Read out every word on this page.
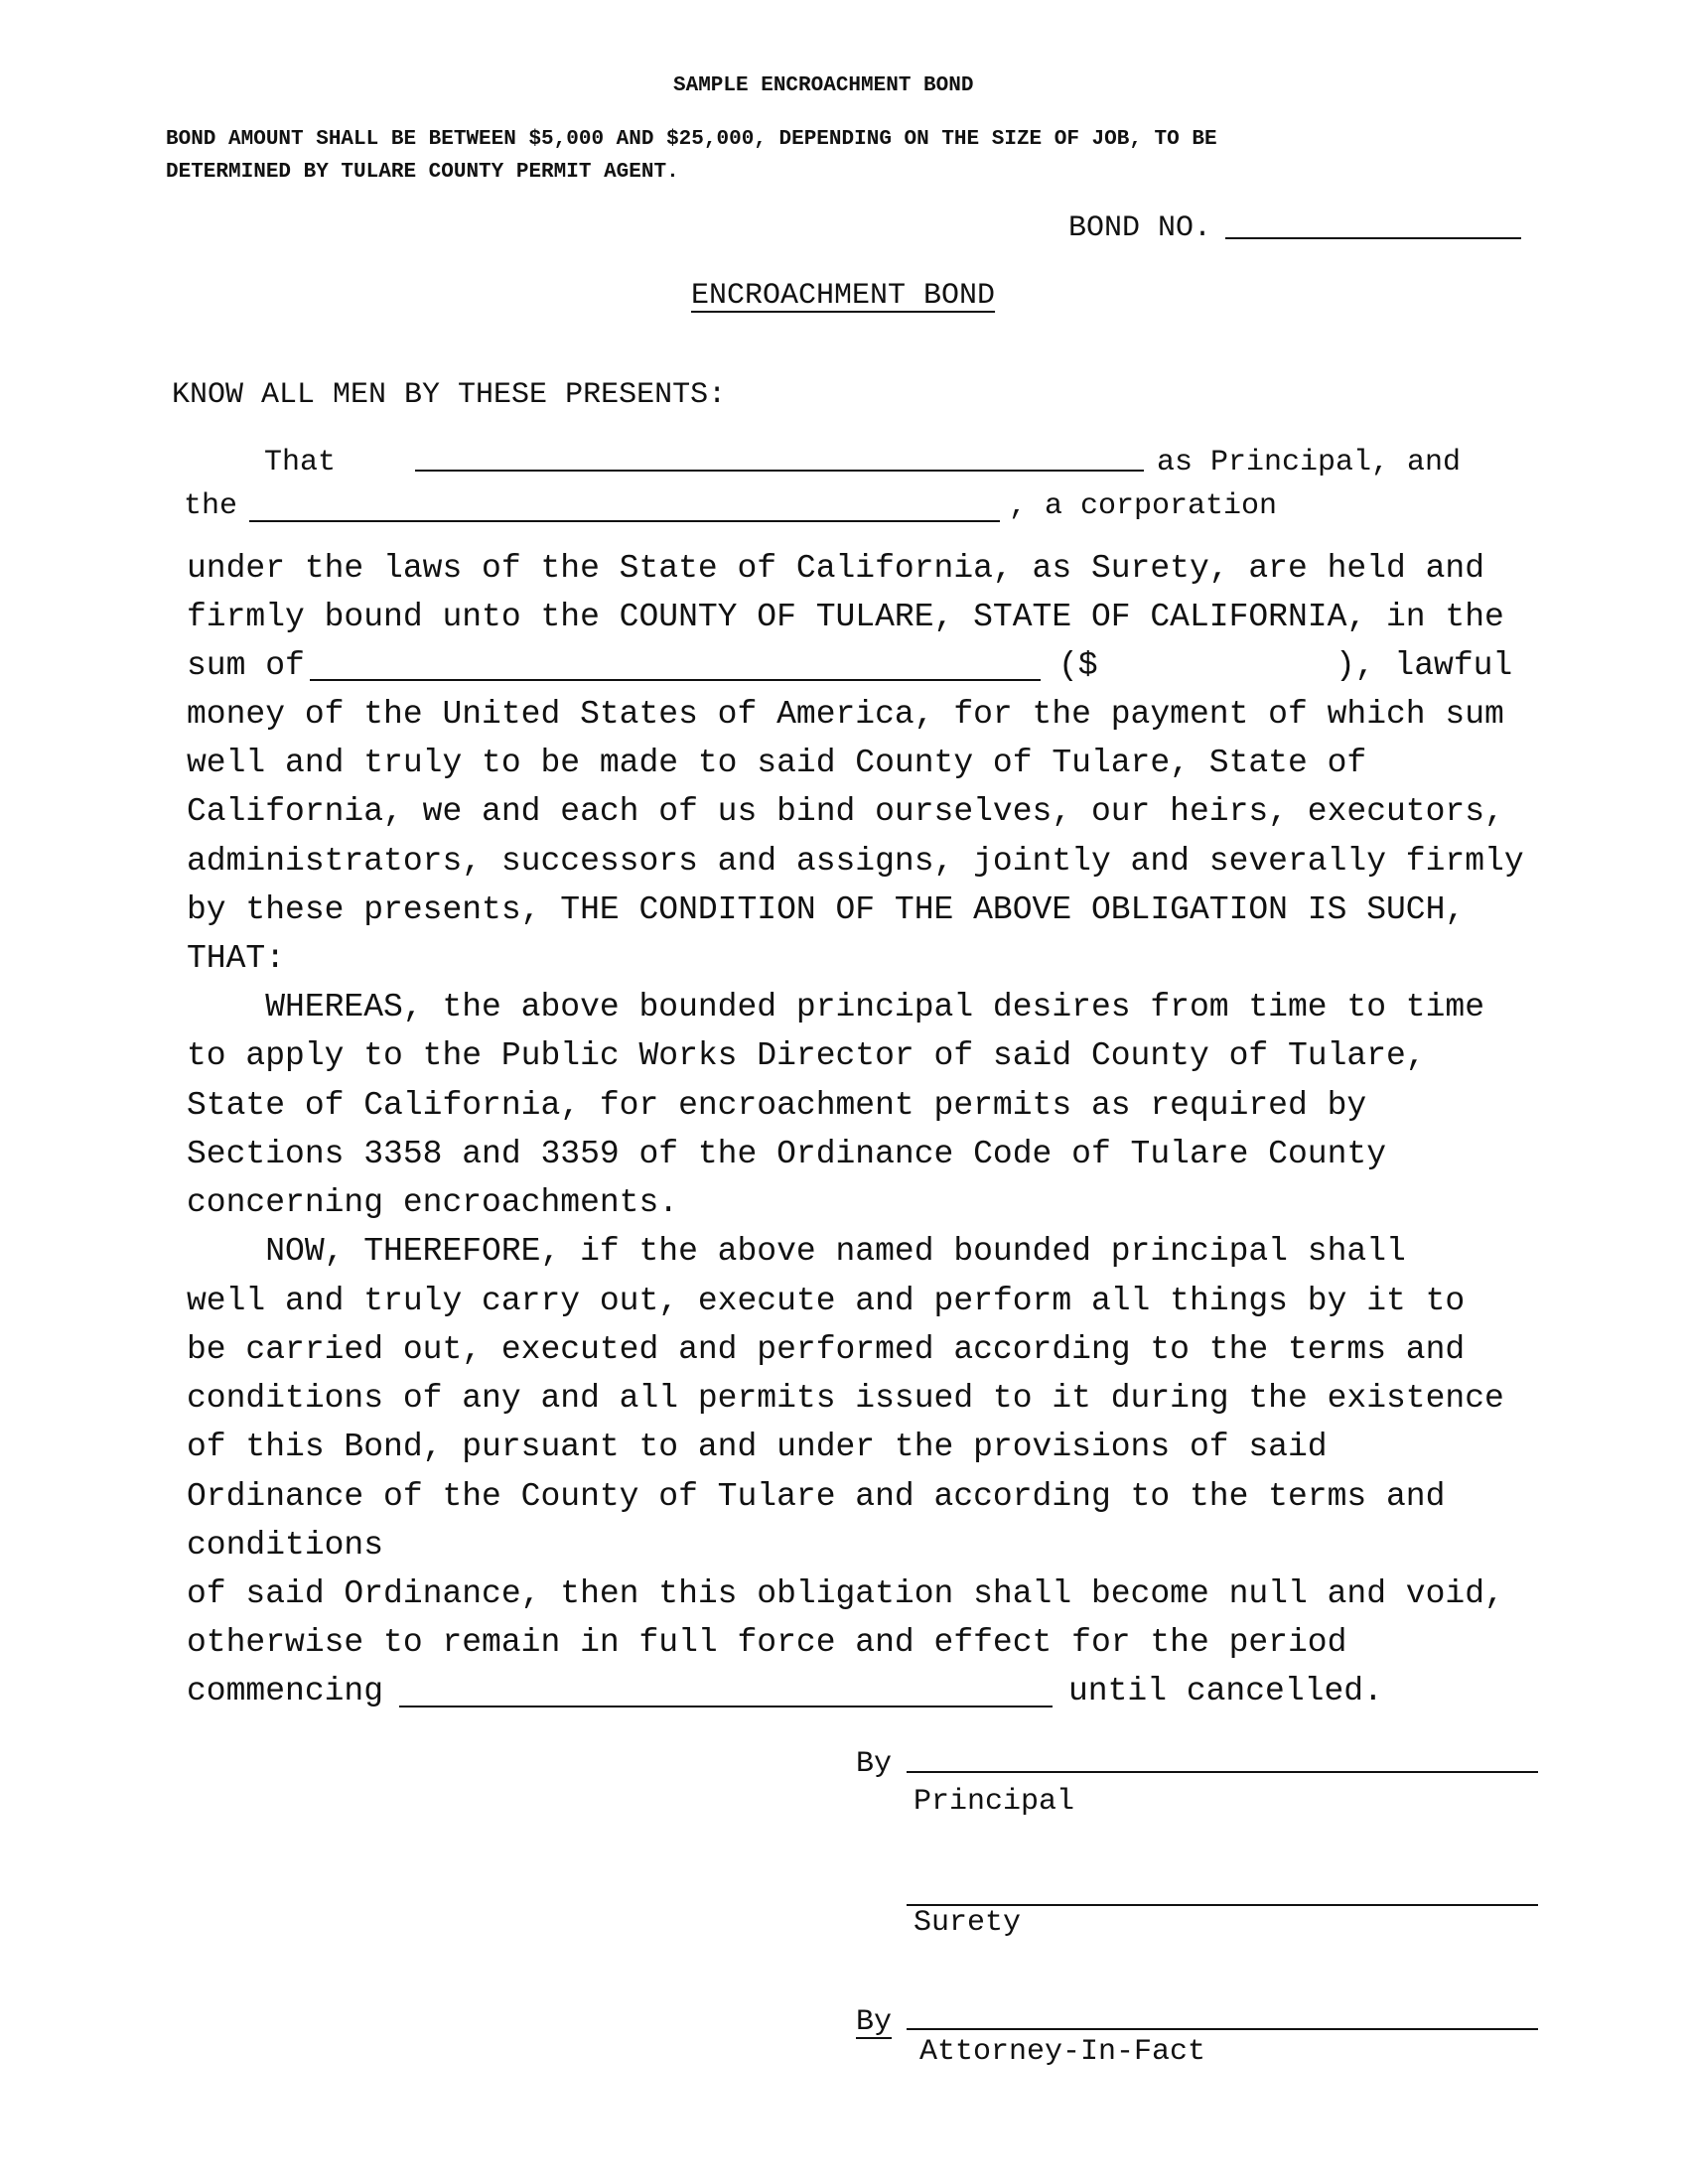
SAMPLE ENCROACHMENT BOND
BOND AMOUNT SHALL BE BETWEEN $5,000 AND $25,000, DEPENDING ON THE SIZE OF JOB, TO BE
DETERMINED BY TULARE COUNTY PERMIT AGENT.
BOND NO.
ENCROACHMENT BOND
KNOW ALL MEN BY THESE PRESENTS:
That	as Principal, and
the	, a corporation
under the laws of the State of California, as Surety, are held and
firmly bound unto the COUNTY OF TULARE, STATE OF CALIFORNIA, in the
sum of	($	), lawful
money of the United States of America, for the payment of which sum
well and truly to be made to said County of Tulare, State of
California, we and each of us bind ourselves, our heirs, executors,
administrators, successors and assigns, jointly and severally firmly
by these presents, THE CONDITION OF THE ABOVE OBLIGATION IS SUCH,
THAT:
WHEREAS, the above bounded principal desires from time to time
to apply to the Public Works Director of said County of Tulare,
State of California, for encroachment permits as required by
Sections 3358 and 3359 of the Ordinance Code of Tulare County
concerning encroachments.
NOW, THEREFORE, if the above named bounded principal shall
well and truly carry out, execute and perform all things by it to
be carried out, executed and performed according to the terms and
conditions of any and all permits issued to it during the existence
of this Bond, pursuant to and under the provisions of said
Ordinance of the County of Tulare and according to the terms and
conditions
of said Ordinance, then this obligation shall become null and void,
otherwise to remain in full force and effect for the period
commencing	until cancelled.
By
Principal
Surety
By
Attorney-In-Fact
